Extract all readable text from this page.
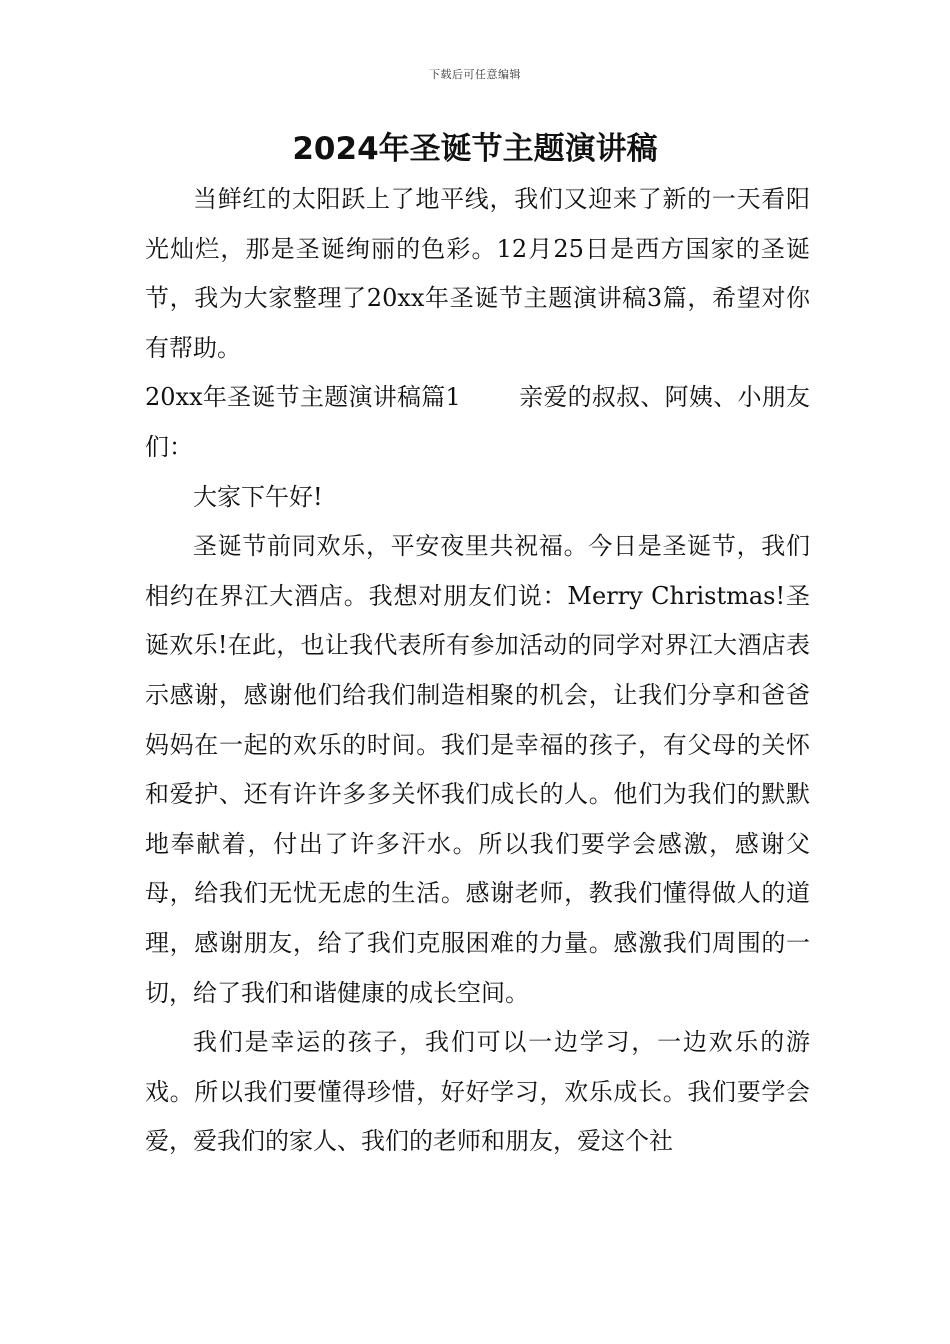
下载后可任意编辑
2024年圣诞节主题演讲稿

当鲜红的太阳跃上了地平线，我们又迎来了新的一天看阳光灿烂，那是圣诞绚丽的色彩。12月25日是西方国家的圣诞节，我为大家整理了20xx年圣诞节主题演讲稿3篇，希望对你有帮助。

20xx年圣诞节主题演讲稿篇1 亲爱的叔叔、阿姨、小朋友们：

大家下午好!

圣诞节前同欢乐，平安夜里共祝福。今日是圣诞节，我们相约在界江大酒店。我想对朋友们说：Merry Christmas!圣诞欢乐!在此，也让我代表所有参加活动的同学对界江大酒店表示感谢，感谢他们给我们制造相聚的机会，让我们分享和爸爸妈妈在一起的欢乐的时间。我们是幸福的孩子，有父母的关怀和爱护、还有许许多多关怀我们成长的人。他们为我们的默默地奉献着，付出了许多汗水。所以我们要学会感激，感谢父母，给我们无忧无虑的生活。感谢老师，教我们懂得做人的道理，感谢朋友，给了我们克服困难的力量。感激我们周围的一切，给了我们和谐健康的成长空间。

我们是幸运的孩子，我们可以一边学习，一边欢乐的游戏。所以我们要懂得珍惜，好好学习，欢乐成长。我们要学会爱，爱我们的家人、我们的老师和朋友，爱这个社
